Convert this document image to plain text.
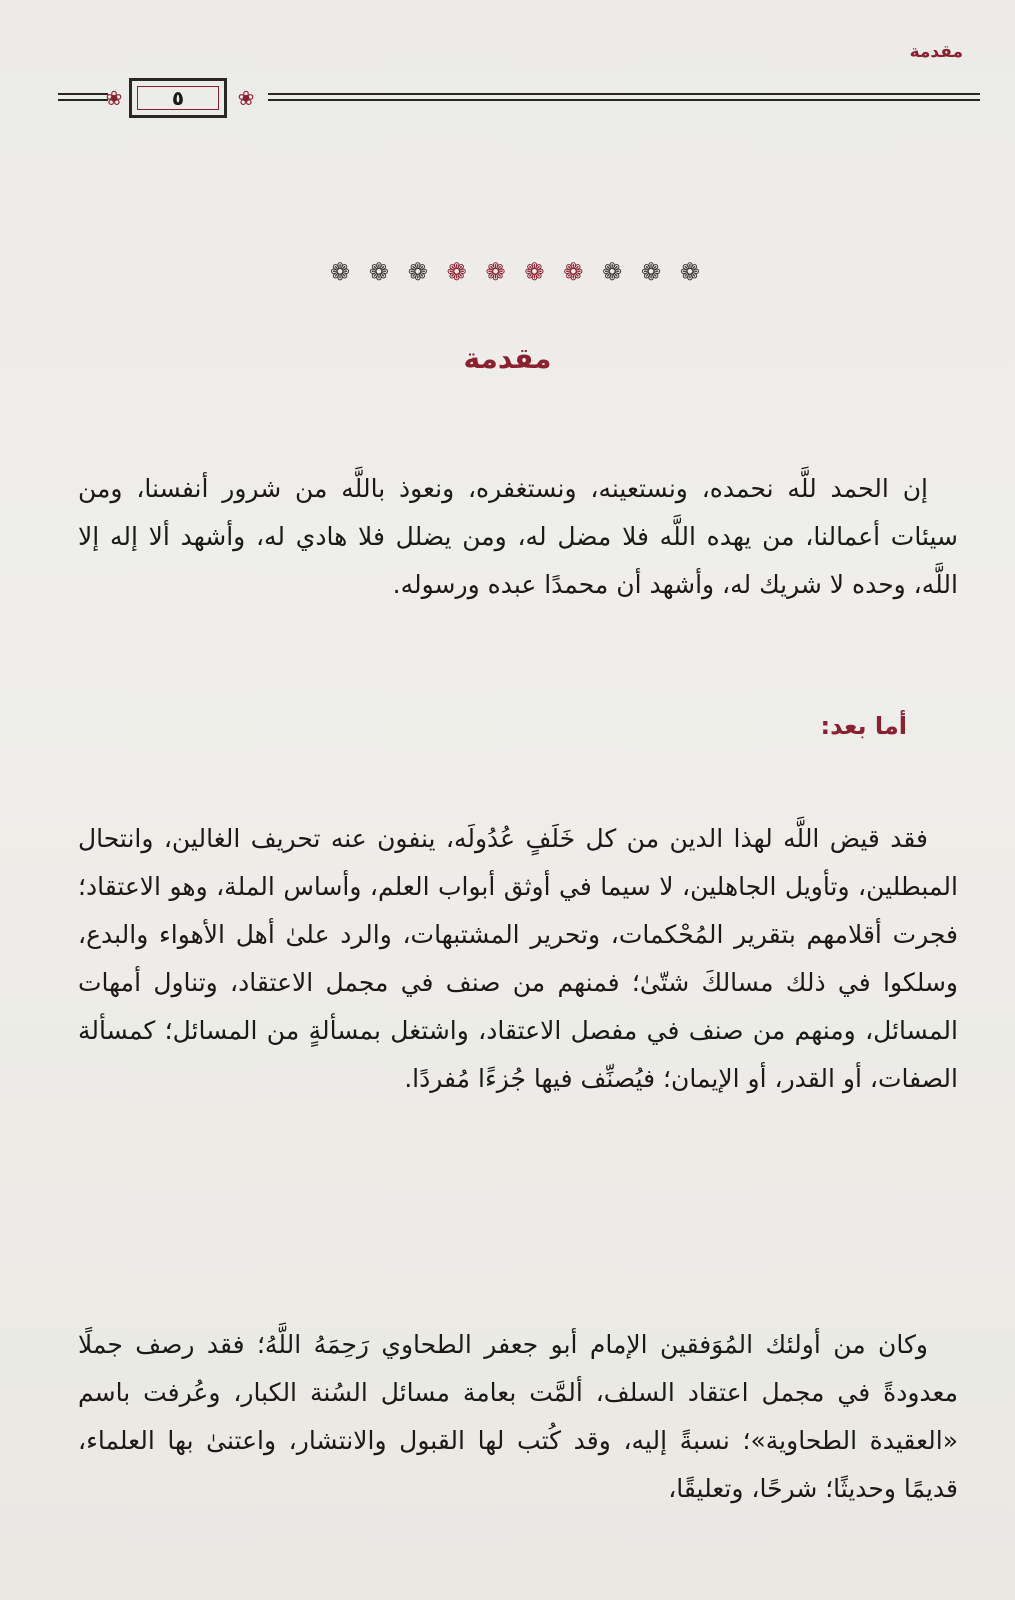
مقدمة
❀	٥	❀
❁ ❁ ❁ ❁ ❁ ❁ ❁ ❁ ❁ ❁
مقدمة

إن الحمد للَّه نحمده، ونستعينه، ونستغفره، ونعوذ باللَّه من شرور أنفسنا، ومن سيئات أعمالنا، من يهده اللَّه فلا مضل له، ومن يضلل فلا هادي له، وأشهد ألا إله إلا اللَّه، وحده لا شريك له، وأشهد أن محمدًا عبده ورسوله.

أما بعد:

فقد قيض اللَّه لهذا الدين من كل خَلَفٍ عُدُولَه، ينفون عنه تحريف الغالين، وانتحال المبطلين، وتأويل الجاهلين، لا سيما في أوثق أبواب العلم، وأساس الملة، وهو الاعتقاد؛ فجرت أقلامهم بتقرير المُحْكمات، وتحرير المشتبهات، والرد علىٰ أهل الأهواء والبدع، وسلكوا في ذلك مسالكَ شتّىٰ؛ فمنهم من صنف في مجمل الاعتقاد، وتناول أمهات المسائل، ومنهم من صنف في مفصل الاعتقاد، واشتغل بمسألةٍ من المسائل؛ كمسألة الصفات، أو القدر، أو الإيمان؛ فيُصنِّف فيها جُزءًا مُفردًا.

وكان من أولئك المُوَفقين الإمام أبو جعفر الطحاوي رَحِمَهُ اللَّهُ؛ فقد رصف جملًا معدودةً في مجمل اعتقاد السلف، ألمَّت بعامة مسائل السُنة الكبار، وعُرفت باسم «العقيدة الطحاوية»؛ نسبةً إليه، وقد كُتب لها القبول والانتشار، واعتنىٰ بها العلماء، قديمًا وحديثًا؛ شرحًا، وتعليقًا،
